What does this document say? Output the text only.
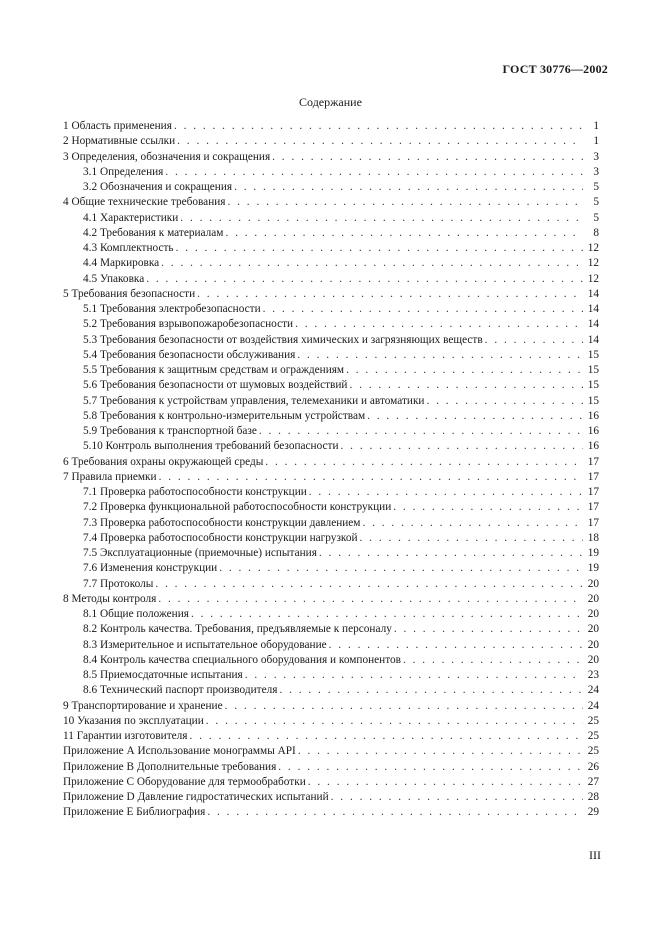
ГОСТ 30776—2002
Содержание
1 Область применения . . .	1
2 Нормативные ссылки . . .	1
3 Определения, обозначения и сокращения . . .	3
3.1 Определения . . .	3
3.2 Обозначения и сокращения . . .	5
4 Общие технические требования . . .	5
4.1 Характеристики . . .	5
4.2 Требования к материалам . . .	8
4.3 Комплектность . . .	12
4.4 Маркировка . . .	12
4.5 Упаковка . . .	12
5 Требования безопасности . . .	14
5.1 Требования электробезопасности . . .	14
5.2 Требования взрывопожаробезопасности . . .	14
5.3 Требования безопасности от воздействия химических и загрязняющих веществ . . .	14
5.4 Требования безопасности обслуживания . . .	15
5.5 Требования к защитным средствам и ограждениям . . .	15
5.6 Требования безопасности от шумовых воздействий . . .	15
5.7 Требования к устройствам управления, телемеханики и автоматики . . .	15
5.8 Требования к контрольно-измерительным устройствам . . .	16
5.9 Требования к транспортной базе . . .	16
5.10 Контроль выполнения требований безопасности . . .	16
6 Требования охраны окружающей среды . . .	17
7 Правила приемки . . .	17
7.1 Проверка работоспособности конструкции . . .	17
7.2 Проверка функциональной работоспособности конструкции . . .	17
7.3 Проверка работоспособности конструкции давлением . . .	17
7.4 Проверка работоспособности конструкции нагрузкой . . .	18
7.5 Эксплуатационные (приемочные) испытания . . .	19
7.6 Изменения конструкции . . .	19
7.7 Протоколы . . .	20
8 Методы контроля . . .	20
8.1 Общие положения . . .	20
8.2 Контроль качества. Требования, предъявляемые к персоналу . . .	20
8.3 Измерительное и испытательное оборудование . . .	20
8.4 Контроль качества специального оборудования и компонентов . . .	20
8.5 Приемосдаточные испытания . . .	23
8.6 Технический паспорт производителя . . .	24
9 Транспортирование и хранение . . .	24
10 Указания по эксплуатации . . .	25
11 Гарантии изготовителя . . .	25
Приложение А Использование монограммы API . . .	25
Приложение В Дополнительные требования . . .	26
Приложение С Оборудование для термообработки . . .	27
Приложение D Давление гидростатических испытаний . . .	28
Приложение Е Библиография . . .	29
III
